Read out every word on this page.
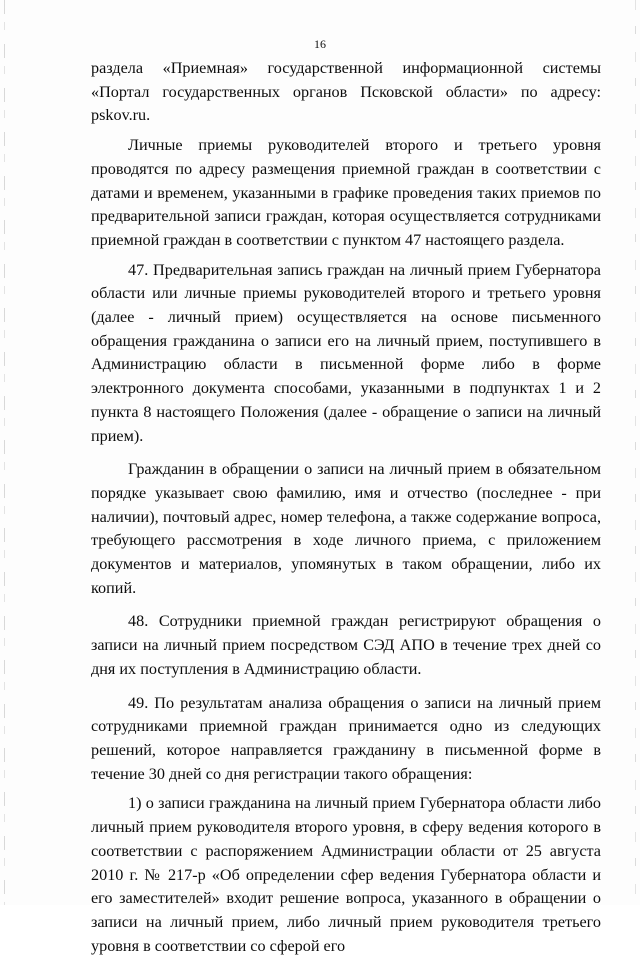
16

раздела «Приемная» государственной информационной системы «Портал государственных органов Псковской области» по адресу: pskov.ru.

Личные приемы руководителей второго и третьего уровня проводятся по адресу размещения приемной граждан в соответствии с датами и временем, указанными в графике проведения таких приемов по предварительной записи граждан, которая осуществляется сотрудниками приемной граждан в соответствии с пунктом 47 настоящего раздела.

47. Предварительная запись граждан на личный прием Губернатора области или личные приемы руководителей второго и третьего уровня (далее - личный прием) осуществляется на основе письменного обращения гражданина о записи его на личный прием, поступившего в Администрацию области в письменной форме либо в форме электронного документа способами, указанными в подпунктах 1 и 2 пункта 8 настоящего Положения (далее - обращение о записи на личный прием).

Гражданин в обращении о записи на личный прием в обязательном порядке указывает свою фамилию, имя и отчество (последнее - при наличии), почтовый адрес, номер телефона, а также содержание вопроса, требующего рассмотрения в ходе личного приема, с приложением документов и материалов, упомянутых в таком обращении, либо их копий.

48. Сотрудники приемной граждан регистрируют обращения о записи на личный прием посредством СЭД АПО в течение трех дней со дня их поступления в Администрацию области.

49. По результатам анализа обращения о записи на личный прием сотрудниками приемной граждан принимается одно из следующих решений, которое направляется гражданину в письменной форме в течение 30 дней со дня регистрации такого обращения:

1) о записи гражданина на личный прием Губернатора области либо личный прием руководителя второго уровня, в сферу ведения которого в соответствии с распоряжением Администрации области от 25 августа 2010 г. № 217-р «Об определении сфер ведения Губернатора области и его заместителей» входит решение вопроса, указанного в обращении о записи на личный прием, либо личный прием руководителя третьего уровня в соответствии со сферой его
